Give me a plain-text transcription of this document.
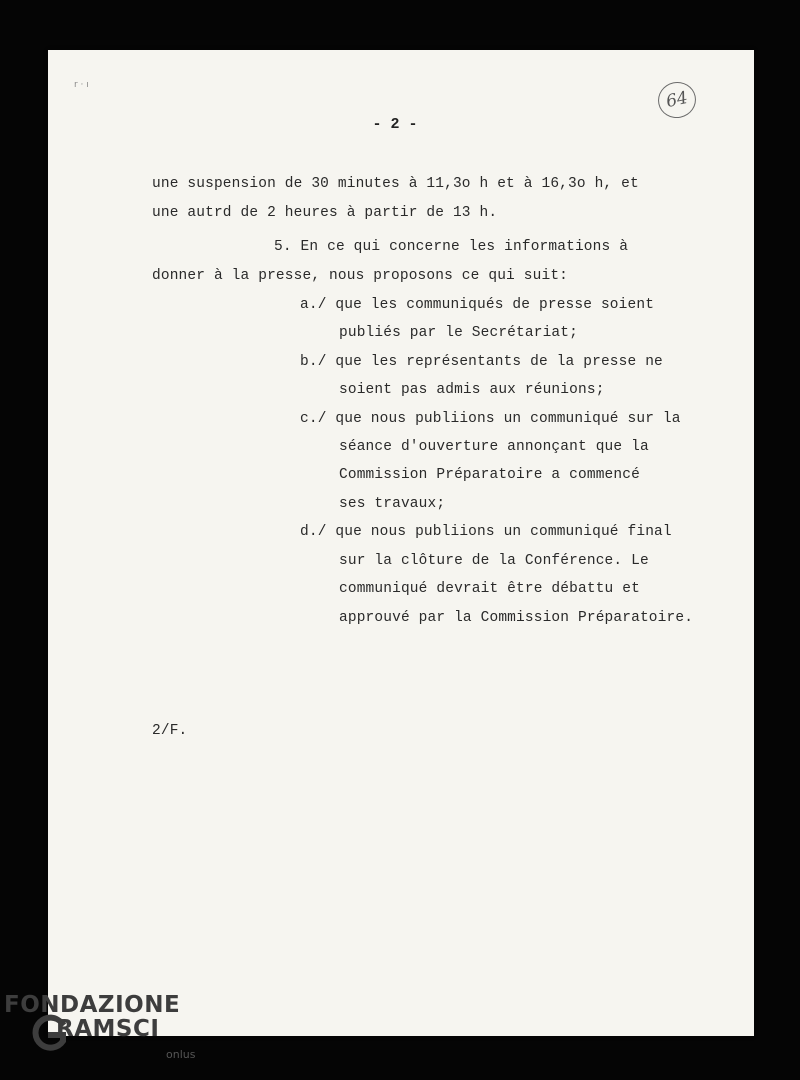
r · ı
64
- 2 -
une suspension de 30 minutes à 11,3o h et à 16,3o h, et
une autrd de 2 heures à partir de 13 h.
5. En ce qui concerne les informations à
donner à la presse, nous proposons ce qui suit:
a./ que les communiqués de presse soient
publiés par le Secrétariat;
b./ que les représentants de la presse ne
soient pas admis aux réunions;
c./ que nous publiions un communiqué sur la
séance d'ouverture annonçant que la
Commission Préparatoire a commencé
ses travaux;
d./ que nous publiions un communiqué final
sur la clôture de la Conférence. Le
communiqué devrait être débattu et
approuvé par la Commission Préparatoire.
2/F.
FONDAZIONE
RAMSCI
onlus
